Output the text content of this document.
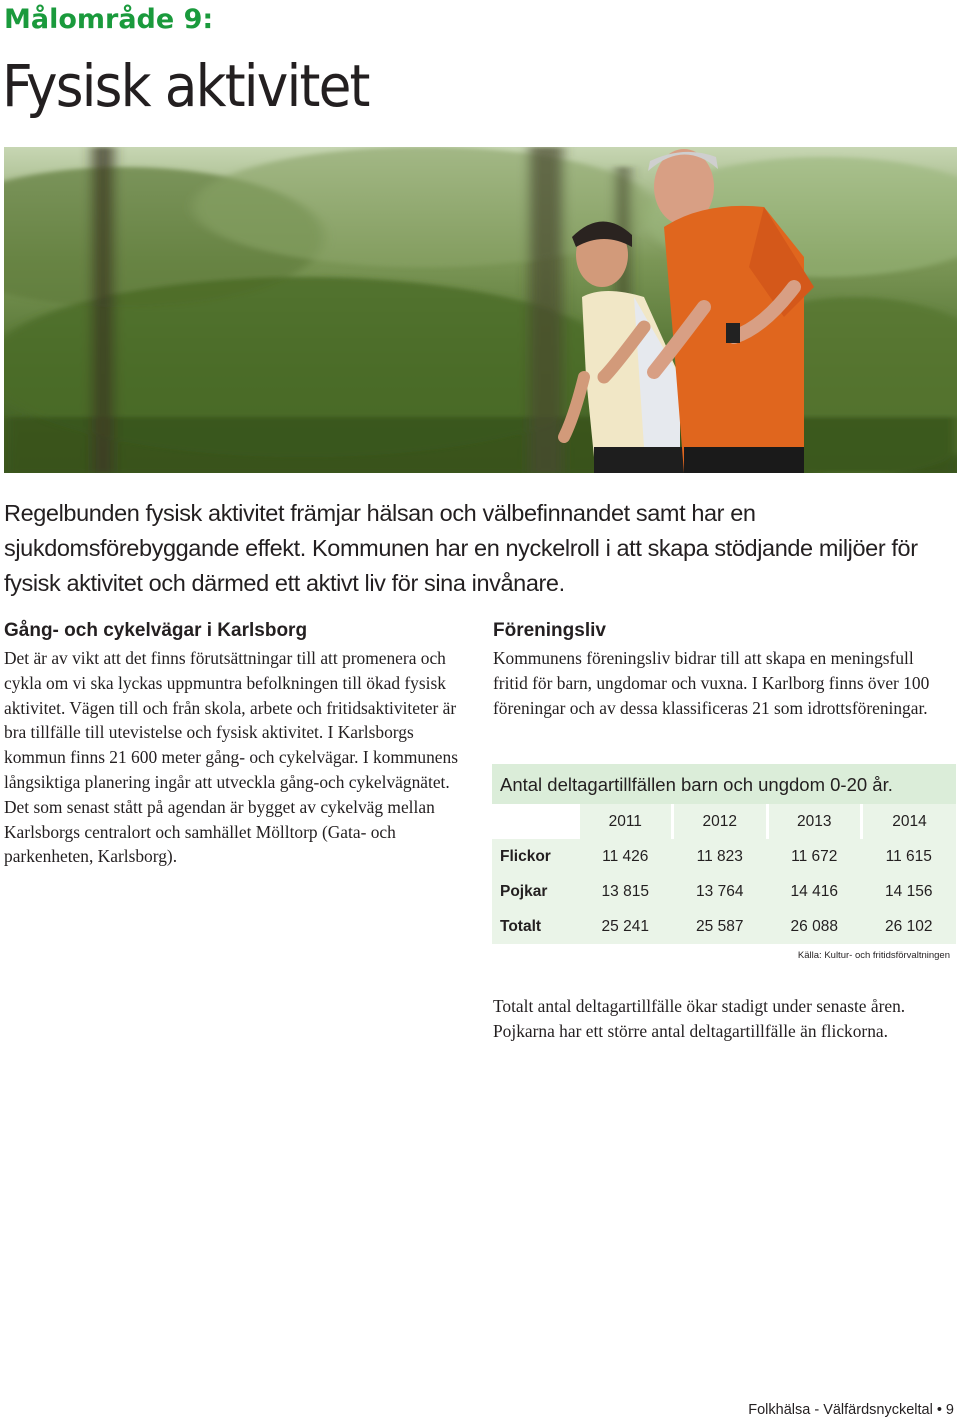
Målområde 9:
Fysisk aktivitet

Regelbunden fysisk aktivitet främjar hälsan och välbefinnandet samt har en sjukdomsförebyggande effekt. Kommunen har en nyckelroll i att skapa stödjande miljöer för fysisk aktivitet och därmed ett aktivt liv för sina invånare.

Gång- och cykelvägar i Karlsborg

Det är av vikt att det finns förutsättningar till att promenera och cykla om vi ska lyckas uppmuntra befolkningen till ökad fysisk aktivitet. Vägen till och från skola, arbete och fritidsaktiviteter är bra tillfälle till utevistelse och fysisk aktivitet. I Karlsborgs kommun finns 21 600 meter gång- och cykelvägar. I kommunens långsiktiga planering ingår att utveckla gång-och cykelvägnätet. Det som senast stått på agendan är bygget av cykelväg mellan Karlsborgs centralort och samhället Mölltorp (Gata- och parkenheten, Karlsborg).

Föreningsliv

Kommunens föreningsliv bidrar till att skapa en meningsfull fritid för barn, ungdomar och vuxna. I Karlborg finns över 100 föreningar och av dessa klassificeras 21 som idrottsföreningar.

Antal deltagartillfällen barn och ungdom 0-20 år.
	2011	2012	2013	2014
Flickor	11 426	11 823	11 672	11 615
Pojkar	13 815	13 764	14 416	14 156
Totalt	25 241	25 587	26 088	26 102
Källa: Kultur- och fritidsförvaltningen

Totalt antal deltagartillfälle ökar stadigt under senaste åren. Pojkarna har ett större antal deltagartillfälle än flickorna.

Folkhälsa - Välfärdsnyckeltal • 9
